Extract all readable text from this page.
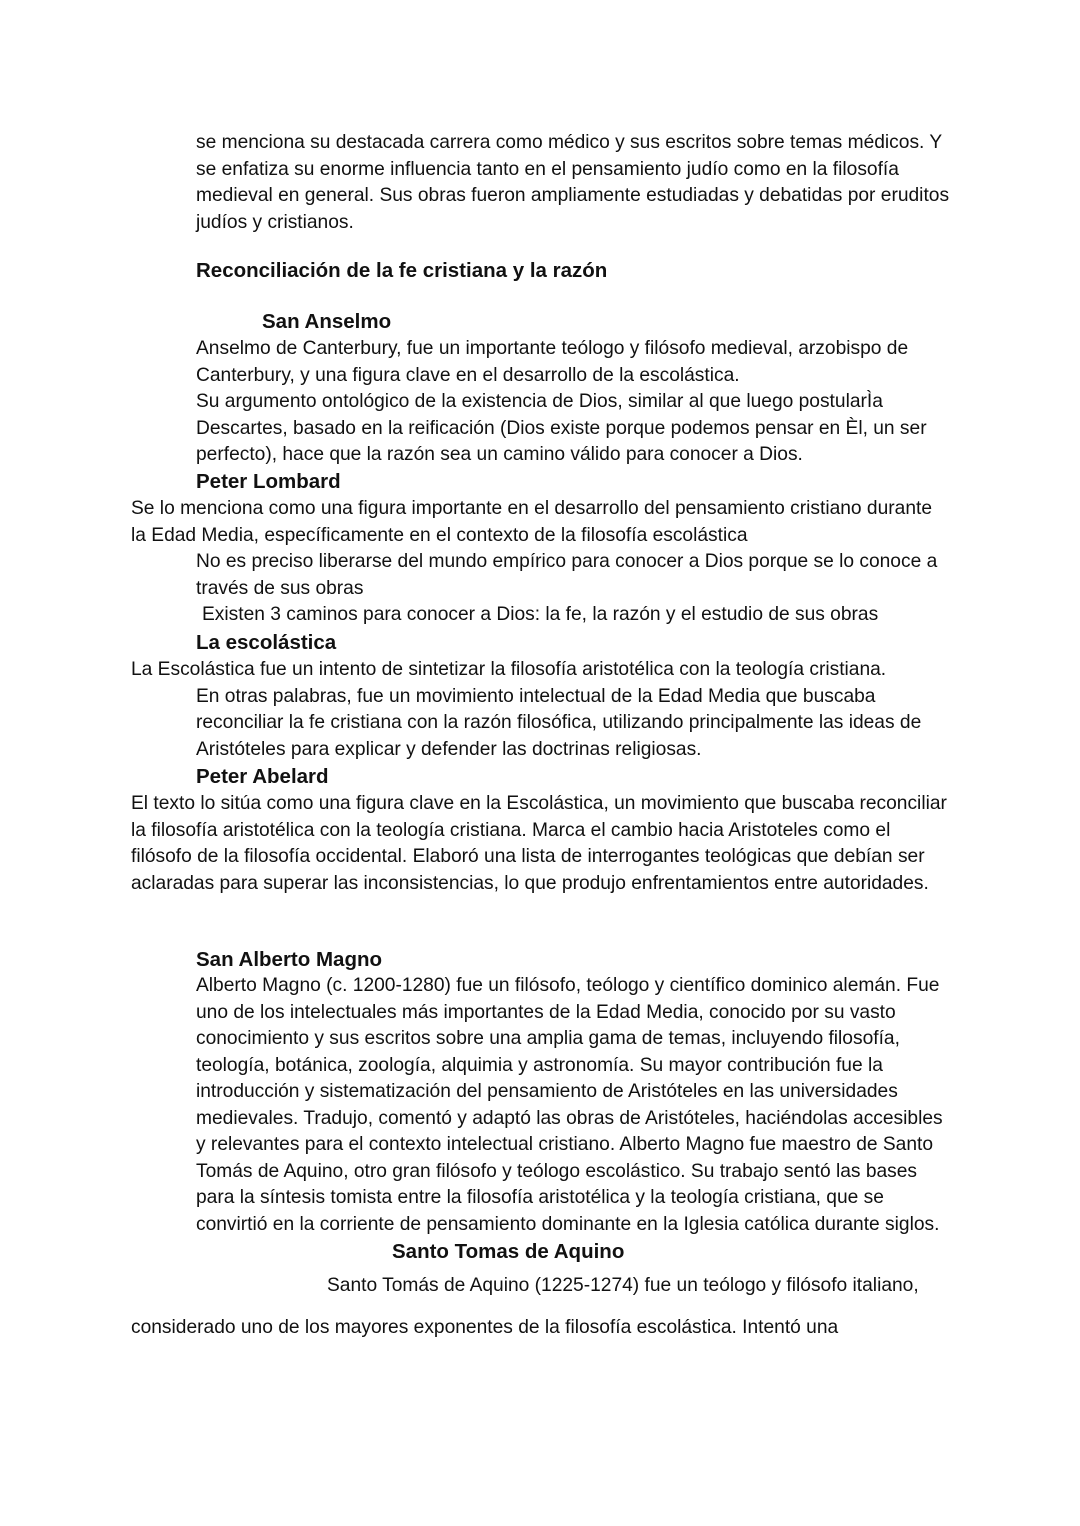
se menciona su destacada carrera como médico y sus escritos sobre temas médicos. Y se enfatiza su enorme influencia tanto en el pensamiento judío como en la filosofía medieval en general. Sus obras fueron ampliamente estudiadas y debatidas por eruditos judíos y cristianos.

Reconciliación de la fe cristiana y la razón
San Anselmo

Anselmo de Canterbury, fue un importante teólogo y filósofo medieval, arzobispo de Canterbury, y una figura clave en el desarrollo de la escolástica.

Su argumento ontológico de la existencia de Dios, similar al que luego postularÌa Descartes, basado en la reificación (Dios existe porque podemos pensar en Èl, un ser perfecto), hace que la razón sea un camino válido para conocer a Dios.

Peter Lombard

Se lo menciona como una figura importante en el desarrollo del pensamiento cristiano durante la Edad Media, específicamente en el contexto de la filosofía escolástica

No es preciso liberarse del mundo empírico para conocer a Dios porque se lo conoce a través de sus obras

Existen 3 caminos para conocer a Dios: la fe, la razón y el estudio de sus obras

La escolástica

La Escolástica fue un intento de sintetizar la filosofía aristotélica con la teología cristiana.

En otras palabras, fue un movimiento intelectual de la Edad Media que buscaba reconciliar la fe cristiana con la razón filosófica, utilizando principalmente las ideas de Aristóteles para explicar y defender las doctrinas religiosas.

Peter Abelard

El texto lo sitúa como una figura clave en la Escolástica, un movimiento que buscaba reconciliar la filosofía aristotélica con la teología cristiana. Marca el cambio hacia Aristoteles como el filósofo de la filosofía occidental. Elaboró una lista de interrogantes teológicas que debían ser aclaradas para superar las inconsistencias, lo que produjo enfrentamientos entre autoridades.

San Alberto Magno

Alberto Magno (c. 1200-1280) fue un filósofo, teólogo y científico dominico alemán. Fue uno de los intelectuales más importantes de la Edad Media, conocido por su vasto conocimiento y sus escritos sobre una amplia gama de temas, incluyendo filosofía, teología, botánica, zoología, alquimia y astronomía. Su mayor contribución fue la introducción y sistematización del pensamiento de Aristóteles en las universidades medievales. Tradujo, comentó y adaptó las obras de Aristóteles, haciéndolas accesibles y relevantes para el contexto intelectual cristiano. Alberto Magno fue maestro de Santo Tomás de Aquino, otro gran filósofo y teólogo escolástico. Su trabajo sentó las bases para la síntesis tomista entre la filosofía aristotélica y la teología cristiana, que se convirtió en la corriente de pensamiento dominante en la Iglesia católica durante siglos.

Santo Tomas de Aquino

Santo Tomás de Aquino (1225-1274) fue un teólogo y filósofo italiano,

considerado uno de los mayores exponentes de la filosofía escolástica. Intentó una
